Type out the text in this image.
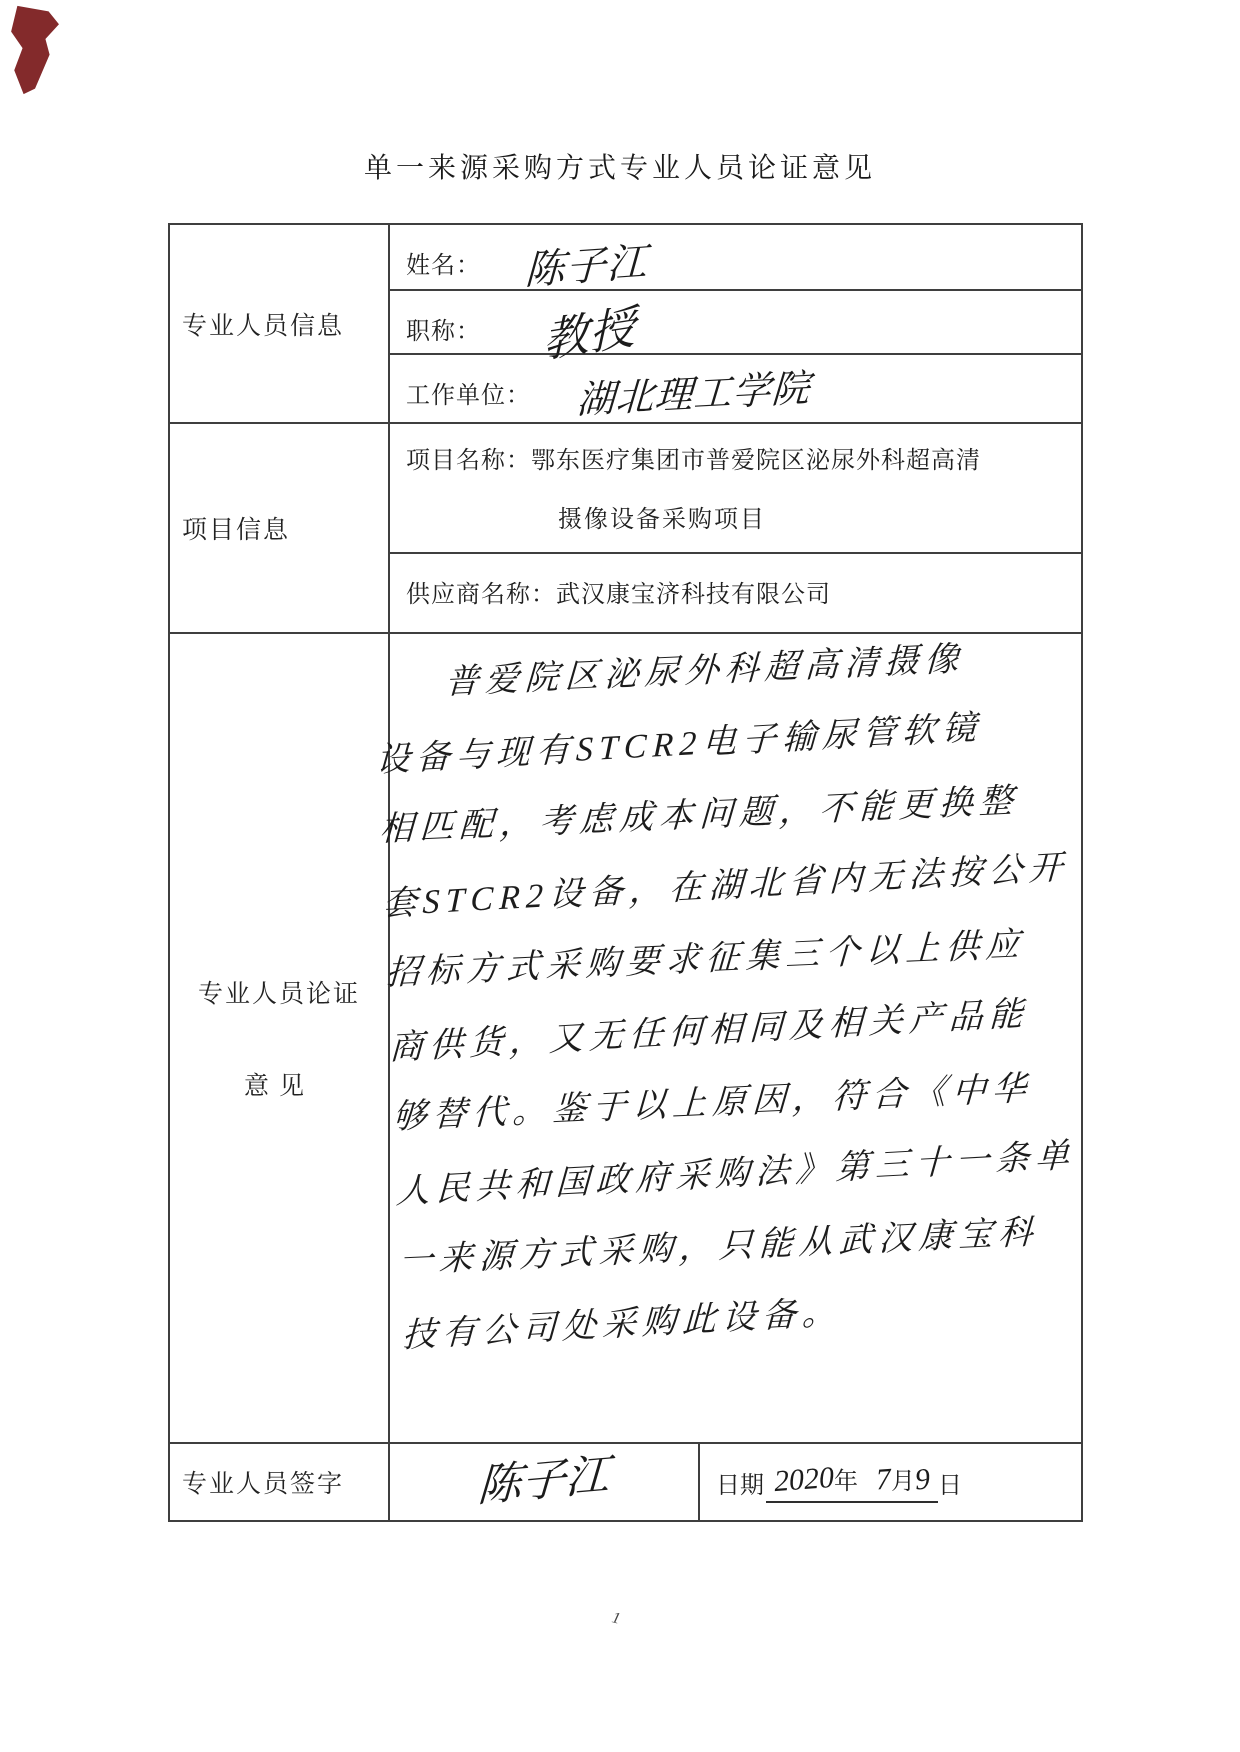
单一来源采购方式专业人员论证意见
专业人员信息
姓名： 陈子江
职称： 教授
工作单位： 湖北理工学院
项目信息
项目名称：鄂东医疗集团市普爱院区泌尿外科超高清
摄像设备采购项目
供应商名称：武汉康宝济科技有限公司
专业人员论证
意见
普爱院区泌尿外科超高清摄像
设备与现有STCR2电子输尿管软镜
相匹配，考虑成本问题，不能更换整
套STCR2设备，在湖北省内无法按公开
招标方式采购要求征集三个以上供应
商供货，又无任何相同及相关产品能
够替代。鉴于以上原因，符合《中华
人民共和国政府采购法》第三十一条单
一来源方式采购，只能从武汉康宝科
技有公司处采购此设备。
专业人员签字	陈子江	日期 2020年 7月9 日
1
